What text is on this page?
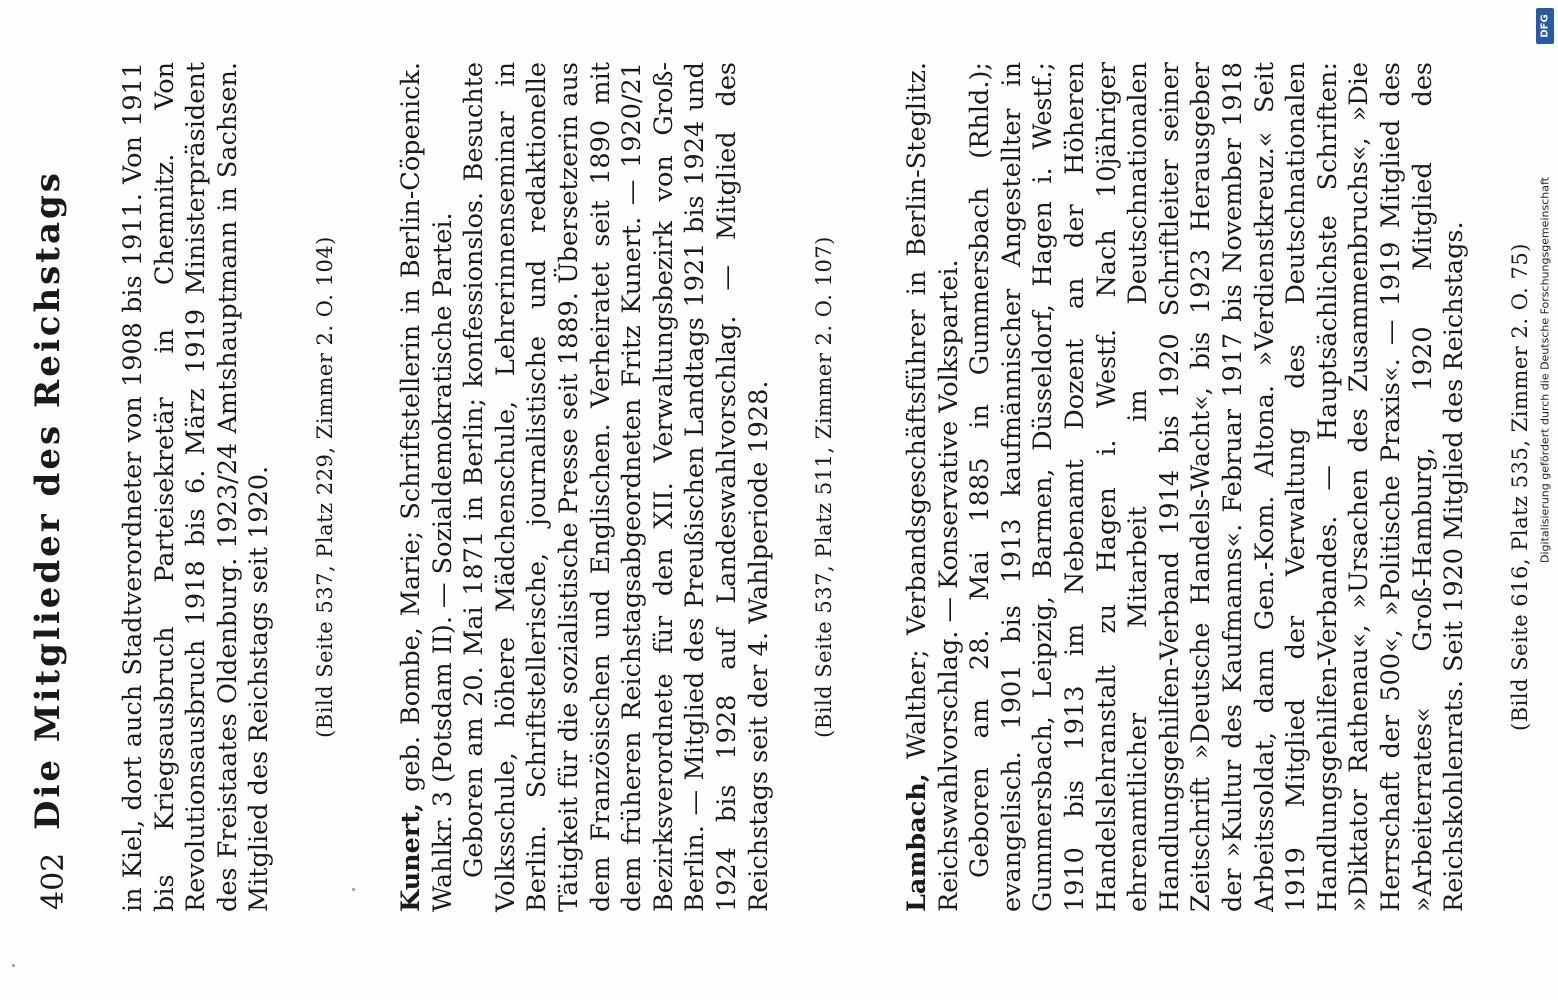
402
Die Mitglieder des Reichstags in Kiel, dort auch Stadtverordneter von 1908 bis 1911. Von 1911 bis Kriegsausbruch Parteisekretär in Chemnitz. Von Revolutionsausbruch 1918 bis 6. März 1919 Ministerpräsident des Freistaates Oldenburg. 1923/24 Amtshauptmann in Sachsen. Mitglied des Reichstags seit 1920. (Bild Seite 537, Platz 229, Zimmer 2. O. 104)

Kunert, geb. Bombe, Marie; Schriftstellerin in Berlin-Cöpenick. Wahlkr. 3 (Potsdam II). — Sozialdemokratische Partei. Geboren am 20. Mai 1871 in Berlin; konfessionslos. Besuchte Volksschule, höhere Mädchenschule, Lehrerinnenseminar in Berlin. Schriftstellerische, journalistische und redaktionelle Tätigkeit für die sozialistische Presse seit 1889. Übersetzerin aus dem Französischen und Englischen. Verheiratet seit 1890 mit dem früheren Reichstagsabgeordneten Fritz Kunert. — 1920/21 Bezirksverordnete für den XII. Verwaltungsbezirk von Groß-Berlin. — Mitglied des Preußischen Landtags 1921 bis 1924 und 1924 bis 1928 auf Landeswahlvorschlag. — Mitglied des Reichstags seit der 4. Wahlperiode 1928. (Bild Seite 537, Platz 511, Zimmer 2. O. 107)

Lambach, Walther; Verbandsgeschäftsführer in Berlin-Steglitz. Reichswahlvorschlag. — Konservative Volkspartei. Geboren am 28. Mai 1885 in Gummersbach (Rhld.); evangelisch. 1901 bis 1913 kaufmännischer Angestellter in Gummersbach, Leipzig, Barmen, Düsseldorf, Hagen i. Westf.; 1910 bis 1913 im Nebenamt Dozent an der Höheren Handelslehranstalt zu Hagen i. Westf. Nach 10jähriger ehrenamtlicher Mitarbeit im Deutschnationalen Handlungsgehilfen-Verband 1914 bis 1920 Schriftleiter seiner Zeitschrift »Deutsche Handels-Wacht«, bis 1923 Herausgeber der »Kultur des Kaufmanns«. Februar 1917 bis November 1918 Arbeitssoldat, dann Gen.-Kom. Altona. »Verdienstkreuz.« Seit 1919 Mitglied der Verwaltung des Deutschnationalen Handlungsgehilfen-Verbandes. — Hauptsächlichste Schriften: »Diktator Rathenau«, »Ursachen des Zusammenbruchs«, »Die Herrschaft der 500«, »Politische Praxis«. — 1919 Mitglied des »Arbeiterrates« Groß-Hamburg, 1920 Mitglied des Reichskohlenrats. Seit 1920 Mitglied des Reichstags. (Bild Seite 616, Platz 535, Zimmer 2. O. 75)
DFG
Digitalisierung gefördert durch die Deutsche Forschungsgemeinschaft
